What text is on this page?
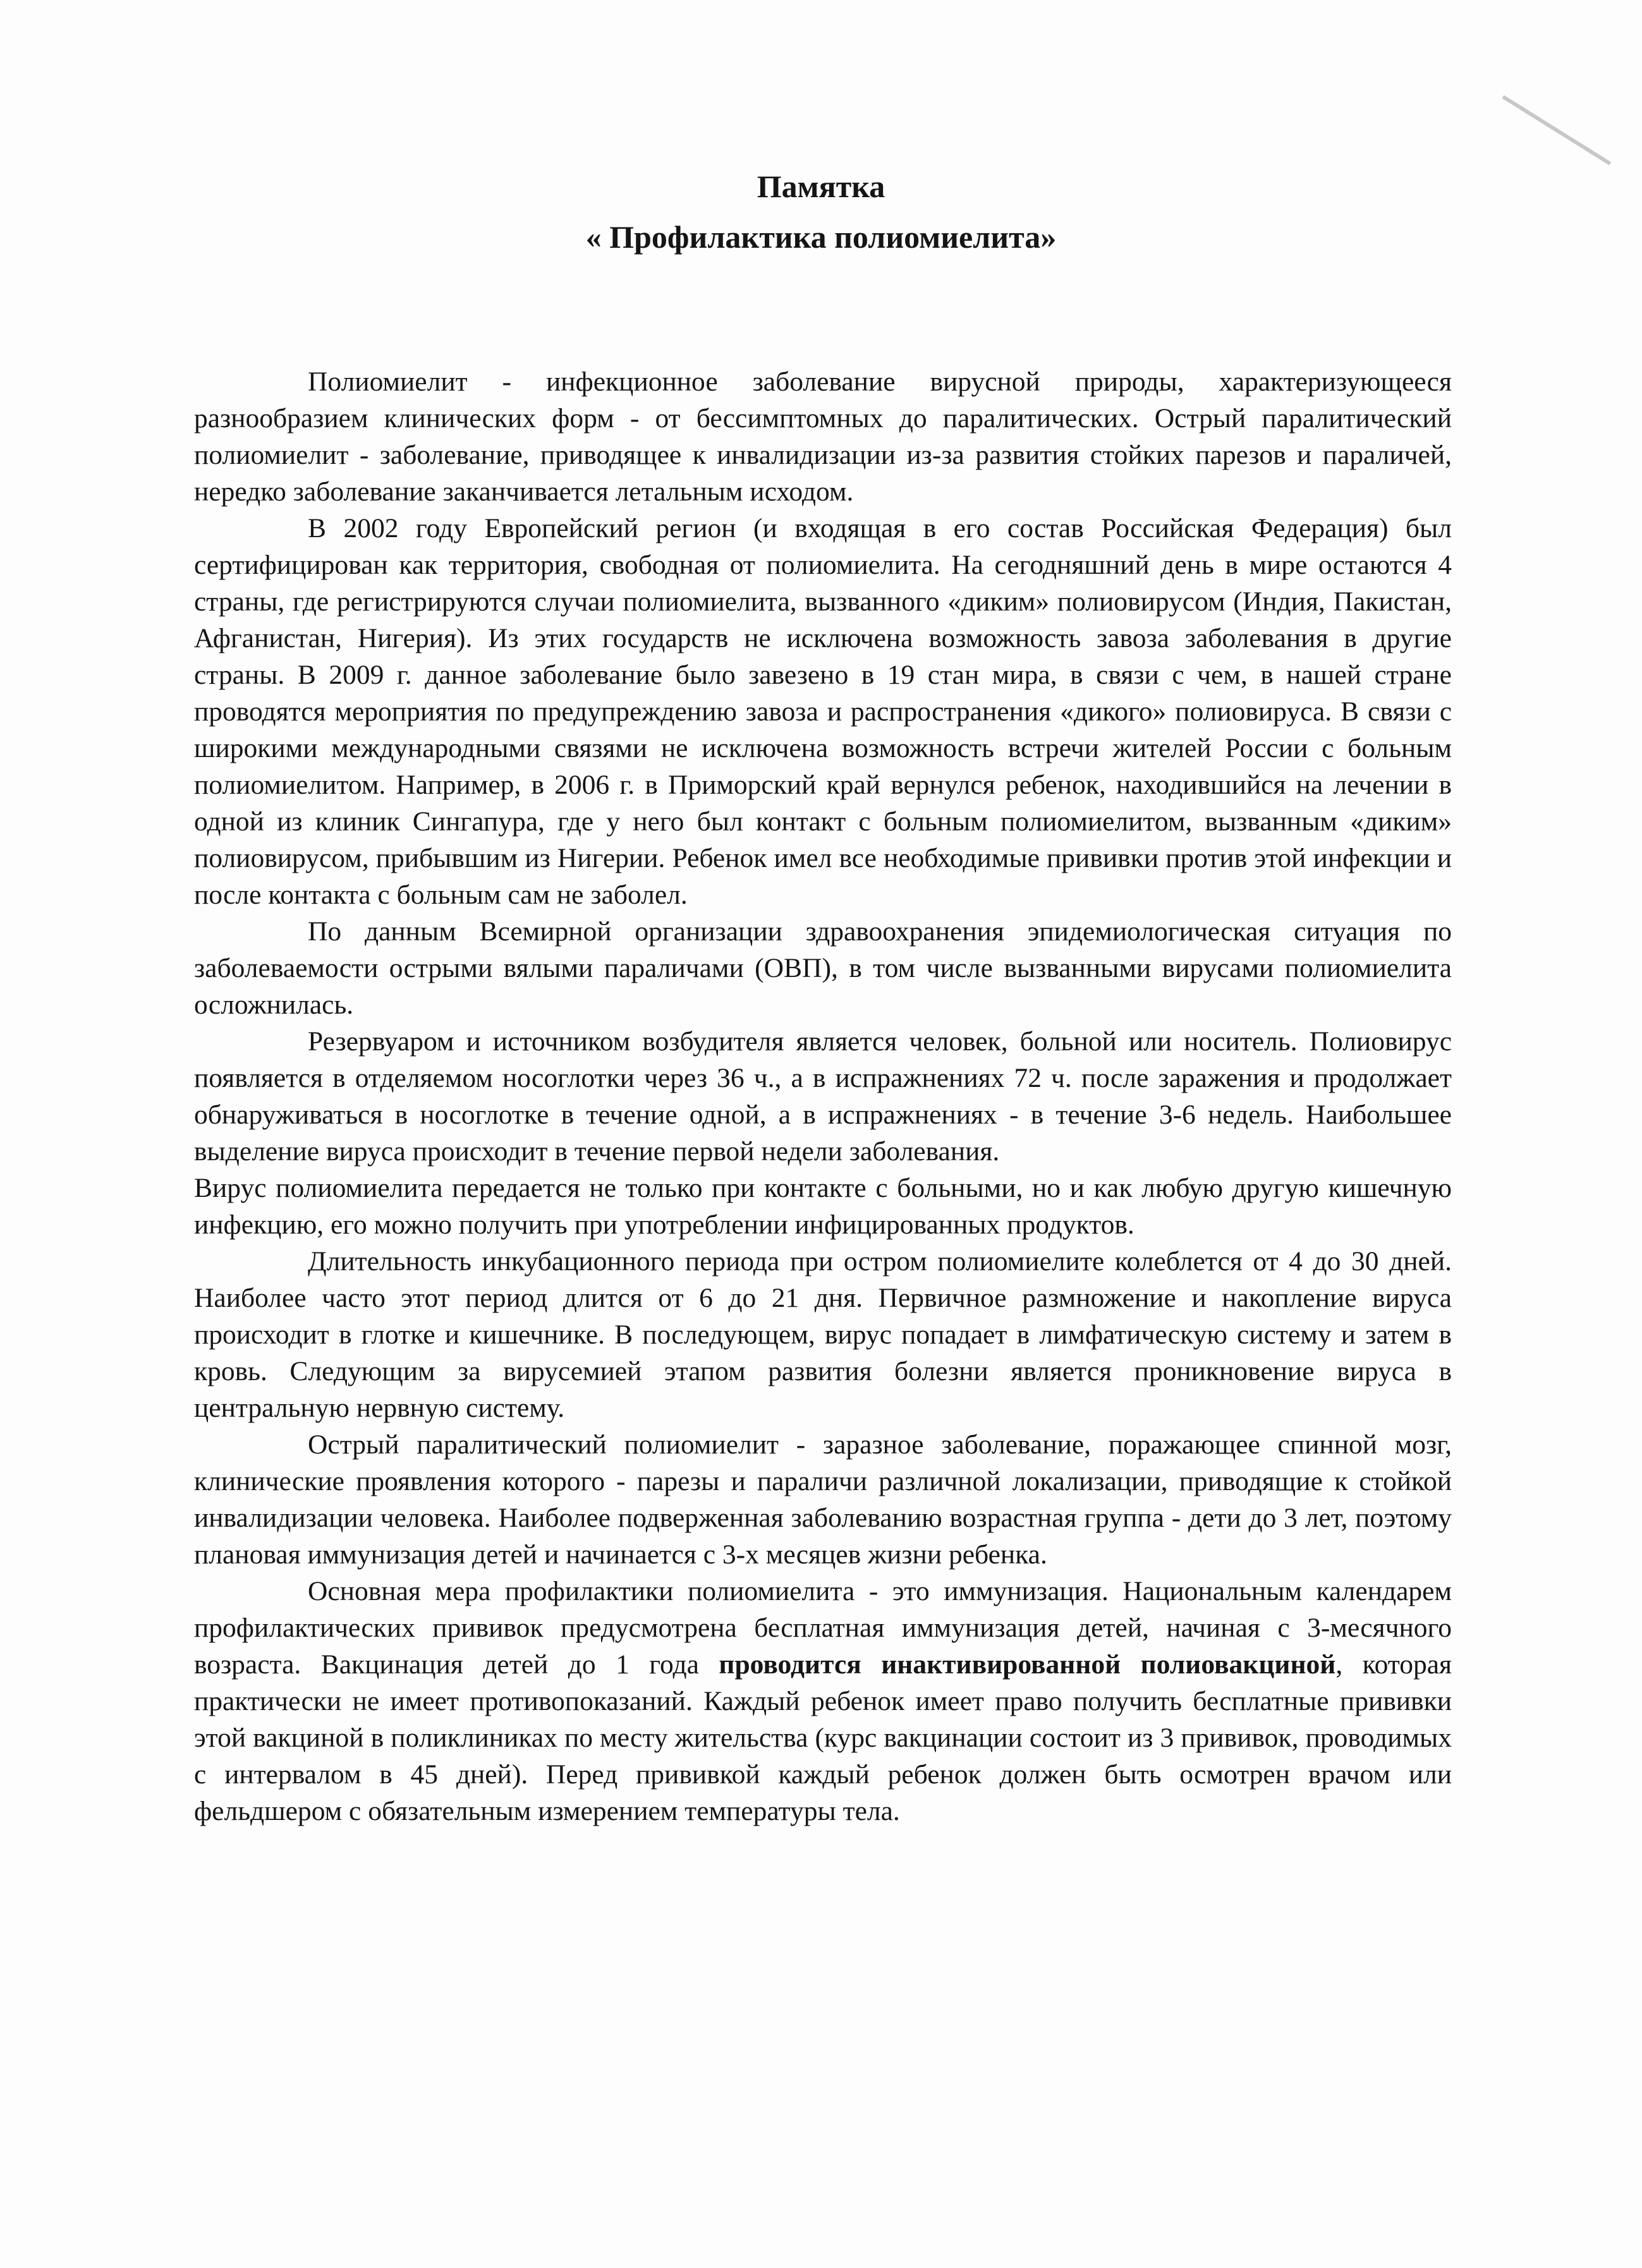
Памятка
« Профилактика полиомиелита»

Полиомиелит - инфекционное заболевание вирусной природы, характеризующееся разнообразием клинических форм - от бессимптомных до паралитических. Острый паралитический полиомиелит - заболевание, приводящее к инвалидизации из-за развития стойких парезов и параличей, нередко заболевание заканчивается летальным исходом.

В 2002 году Европейский регион (и входящая в его состав Российская Федерация) был сертифицирован как территория, свободная от полиомиелита. На сегодняшний день в мире остаются 4 страны, где регистрируются случаи полиомиелита, вызванного «диким» полиовирусом (Индия, Пакистан, Афганистан, Нигерия). Из этих государств не исключена возможность завоза заболевания в другие страны. В 2009 г. данное заболевание было завезено в 19 стан мира, в связи с чем, в нашей стране проводятся мероприятия по предупреждению завоза и распространения «дикого» полиовируса. В связи с широкими международными связями не исключена возможность встречи жителей России с больным полиомиелитом. Например, в 2006 г. в Приморский край вернулся ребенок, находившийся на лечении в одной из клиник Сингапура, где у него был контакт с больным полиомиелитом, вызванным «диким» полиовирусом, прибывшим из Нигерии. Ребенок имел все необходимые прививки против этой инфекции и после контакта с больным сам не заболел.

По данным Всемирной организации здравоохранения эпидемиологическая ситуация по заболеваемости острыми вялыми параличами (ОВП), в том числе вызванными вирусами полиомиелита осложнилась.

Резервуаром и источником возбудителя является человек, больной или носитель. Полиовирус появляется в отделяемом носоглотки через 36 ч., а в испражнениях 72 ч. после заражения и продолжает обнаруживаться в носоглотке в течение одной, а в испражнениях - в течение 3-6 недель. Наибольшее выделение вируса происходит в течение первой недели заболевания.

Вирус полиомиелита передается не только при контакте с больными, но и как любую другую кишечную инфекцию, его можно получить при употреблении инфицированных продуктов.

Длительность инкубационного периода при остром полиомиелите колеблется от 4 до 30 дней. Наиболее часто этот период длится от 6 до 21 дня. Первичное размножение и накопление вируса происходит в глотке и кишечнике. В последующем, вирус попадает в лимфатическую систему и затем в кровь. Следующим за вирусемией этапом развития болезни является проникновение вируса в центральную нервную систему.

Острый паралитический полиомиелит - заразное заболевание, поражающее спинной мозг, клинические проявления которого - парезы и параличи различной локализации, приводящие к стойкой инвалидизации человека. Наиболее подверженная заболеванию возрастная группа - дети до 3 лет, поэтому плановая иммунизация детей и начинается с 3-х месяцев жизни ребенка.

Основная мера профилактики полиомиелита - это иммунизация. Национальным календарем профилактических прививок предусмотрена бесплатная иммунизация детей, начиная с 3-месячного возраста. Вакцинация детей до 1 года проводится инактивированной полиовакциной, которая практически не имеет противопоказаний. Каждый ребенок имеет право получить бесплатные прививки этой вакциной в поликлиниках по месту жительства (курс вакцинации состоит из 3 прививок, проводимых с интервалом в 45 дней). Перед прививкой каждый ребенок должен быть осмотрен врачом или фельдшером с обязательным измерением температуры тела.
